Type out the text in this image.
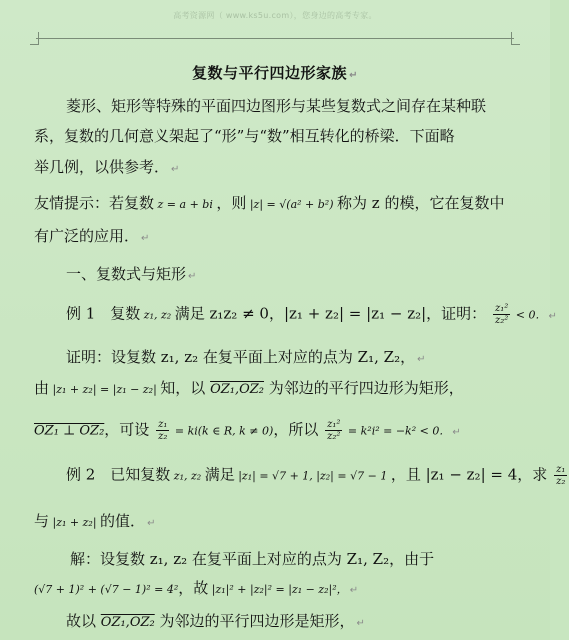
高考资源网（ www.ks5u.com），您身边的高考专家。
复数与平行四边形家族 ↵
菱形、矩形等特殊的平面四边图形与某些复数式之间存在某种联
系，复数的几何意义架起了“形”与“数”相互转化的桥梁．下面略
举几例，以供参考． ↵
友情提示：若复数 z = a + bi ，则 |z| = √(a² + b²) 称为 z 的模，它在复数中
有广泛的应用． ↵
一、复数式与矩形 ↵
例 1　复数 z₁, z₂ 满足 z₁z₂ ≠ 0，|z₁ + z₂| = |z₁ − z₂|，证明： $\frac{\text{z₁²}}{\text{z₂²}} < 0$． ↵
证明：设复数 z₁, z₂ 在复平面上对应的点为 Z₁, Z₂， ↵
由 |z₁ + z₂| = |z₁ − z₂| 知，以 OZ₁,OZ₂ 为邻边的平行四边形为矩形，
OZ₁ ⊥ OZ₂，可设 $\frac{\text{z₁}}{\text{z₂}} = ki(k$ ∈ R, k ≠ 0)，所以 $\frac{\text{z₁²}}{\text{z₂²}} = k^2i^2 = -k^2 < 0$． ↵
例 2　已知复数 z₁, z₂ 满足 |z₁| = √7 + 1, |z₂| = √7 − 1 ，且 |z₁ − z₂| = 4，求 $\frac{\text{z₁}}{\text{z₂}}$
与 |z₁ + z₂| 的值． ↵
解：设复数 z₁, z₂ 在复平面上对应的点为 Z₁, Z₂，由于
(√7 + 1)² + (√7 − 1)² = 4²，故 |z₁|² + |z₂|² = |z₁ − z₂|²， ↵
故以 OZ₁,OZ₂ 为邻边的平行四边形是矩形， ↵
